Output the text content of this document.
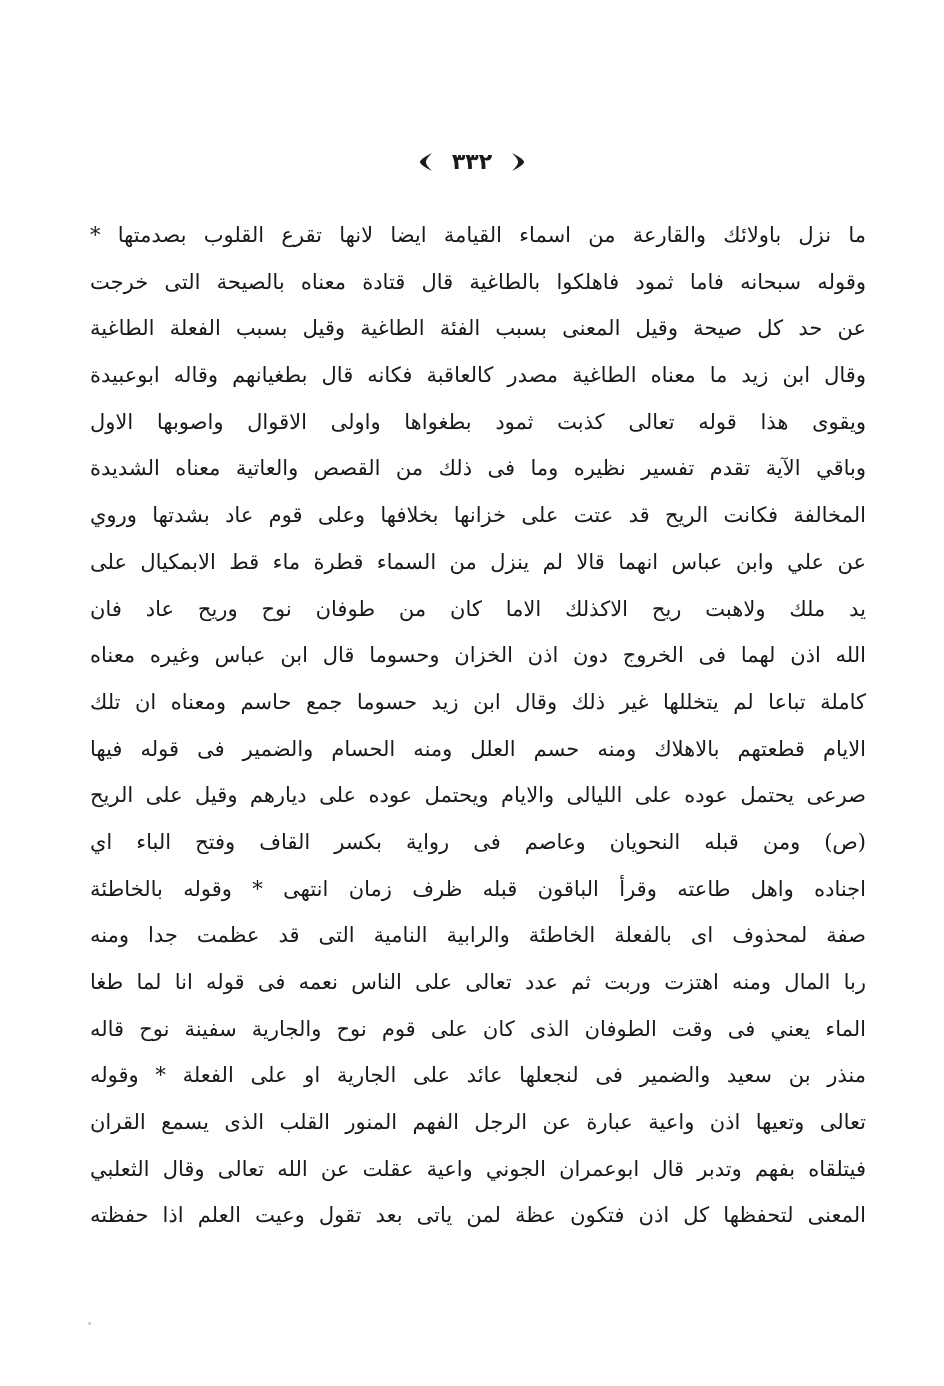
٣٣٢
ما نزل باولائك والقارعة من اسماء القيامة ايضا لانها تقرع القلوب بصدمتها *
وقوله سبحانه فاما ثمود فاهلكوا بالطاغية قال قتادة معناه بالصيحة التى خرجت
عن حد كل صيحة وقيل المعنى بسبب الفئة الطاغية وقيل بسبب الفعلة الطاغية
وقال ابن زيد ما معناه الطاغية مصدر كالعاقبة فكانه قال بطغيانهم وقاله ابوعبيدة
ويقوى هذا قوله تعالى كذبت ثمود بطغواها واولى الاقوال واصوبها الاول
وباقي الآية تقدم تفسير نظيره وما فى ذلك من القصص والعاتية معناه الشديدة
المخالفة فكانت الريح قد عتت على خزانها بخلافها وعلى قوم عاد بشدتها وروي
عن علي وابن عباس انهما قالا لم ينزل من السماء قطرة ماء قط الابمكيال على
يد ملك ولاهبت ريح الاكذلك الاما كان من طوفان نوح وريح عاد فان
الله اذن لهما فى الخروج دون اذن الخزان وحسوما قال ابن عباس وغيره معناه
كاملة تباعا لم يتخللها غير ذلك وقال ابن زيد حسوما جمع حاسم ومعناه ان تلك
الايام قطعتهم بالاهلاك ومنه حسم العلل ومنه الحسام والضمير فى قوله فيها
صرعى يحتمل عوده على الليالى والايام ويحتمل عوده على ديارهم وقيل على الريح
(ص) ومن قبله النحويان وعاصم فى رواية بكسر القاف وفتح الباء اي
اجناده واهل طاعته وقرأ الباقون قبله ظرف زمان انتهى * وقوله بالخاطئة
صفة لمحذوف اى بالفعلة الخاطئة والرابية النامية التى قد عظمت جدا ومنه
ربا المال ومنه اهتزت وربت ثم عدد تعالى على الناس نعمه فى قوله انا لما طغا
الماء يعني فى وقت الطوفان الذى كان على قوم نوح والجارية سفينة نوح قاله
منذر بن سعيد والضمير فى لنجعلها عائد على الجارية او على الفعلة * وقوله
تعالى وتعيها اذن واعية عبارة عن الرجل الفهم المنور القلب الذى يسمع القران
فيتلقاه بفهم وتدبر قال ابوعمران الجوني واعية عقلت عن الله تعالى وقال الثعلبي
المعنى لتحفظها كل اذن فتكون عظة لمن ياتى بعد تقول وعيت العلم اذا حفظته
